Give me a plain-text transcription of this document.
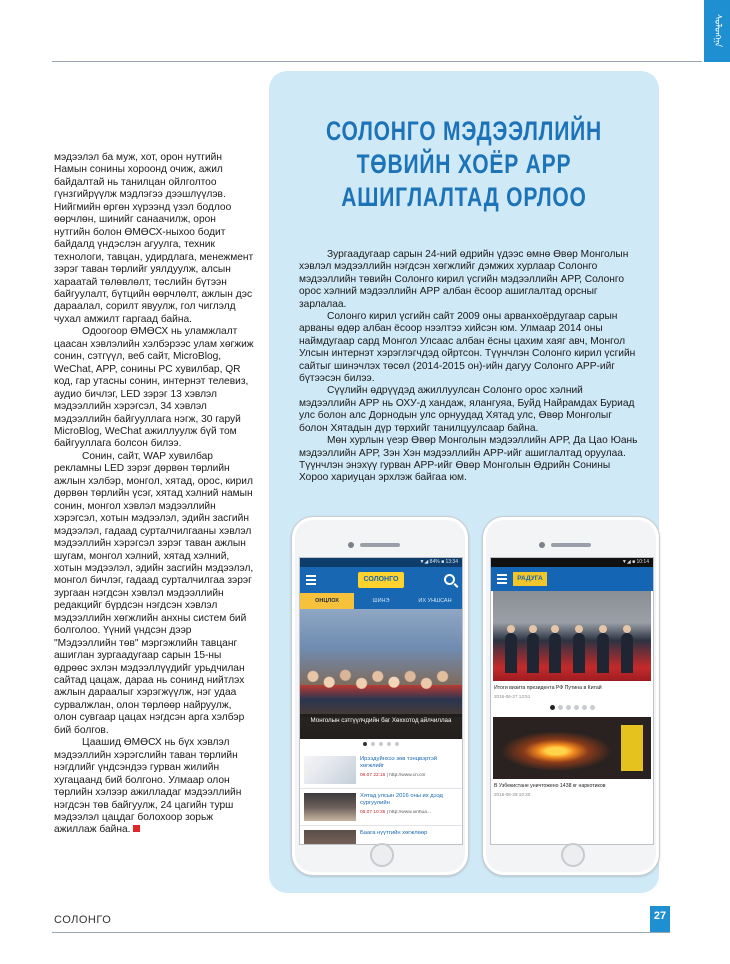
ᠰᠣᠯᠣᠩᠭ᠋ᠠ

мэдээлэл ба муж, хот, орон нутгийн Намын сонины хороонд очиж, ажил байдалтай нь танилцан ойлголтоо гүнзгийрүүлж мэдлэгээ дээшлүүлэв. Нийгмийн өргөн хүрээнд үзэл бодлоо өөрчлөн, шинийг санаачилж, орон нутгийн болон ӨМӨСХ-ныхоо бодит байдалд үндэслэн агуулга, техник технологи, тавцан, удирдлага, менежмент зэрэг таван төрлийг уялдуулж, алсын хараатай төлөвлөлт, төслийн бүтээн байгуулалт, бүтцийн өөрчлөлт, ажлын дэс дараалал, сорилт явуулж, гол чиглэлд чухал амжилт гаргаад байна.

Одоогоор ӨМӨСХ нь уламжлалт цаасан хэвлэлийн хэлбэрээс улам хөгжиж сонин, сэтгүүл, веб сайт, MicroBlog, WeChat, APP, сонины PC хувилбар, QR код, гар утасны сонин, интернэт телевиз, аудио бичлэг, LED зэрэг 13 хэвлэл мэдээллийн хэрэгсэл, 34 хэвлэл мэдээллийн байгууллага нэгж, 30 гаруй MicroBlog, WeChat ажиллуулж бүй том байгууллага болсон билээ.

Сонин, сайт, WAP хувилбар рекламны LED зэрэг дөрвөн төрлийн ажлын хэлбэр, монгол, хятад, орос, кирил дөрвөн төрлийн үсэг, хятад хэлний намын сонин, монгол хэвлэл мэдээллийн хэрэгсэл, хотын мэдээлэл, эдийн засгийн мэдээлэл, гадаад сурталчилгааны хэвлэл мэдээллийн хэрэгсэл зэрэг таван ажлын шугам, монгол хэлний, хятад хэлний, хотын мэдээлэл, эдийн засгийн мэдээлэл, монгол бичлэг, гадаад сурталчилгаа зэрэг зургаан нэгдсэн хэвлэл мэдээллийн редакцийг бүрдсэн нэгдсэн хэвлэл мэдээллийн хөгжлийн анхны систем бий болголоо. Үүний үндсэн дээр "Мэдээллийн төв" мэргэжлийн тавцанг ашиглан зургаадугаар сарын 15-ны өдрөөс эхлэн мэдээллүүдийг урьдчилан сайтад цацаж, дараа нь сонинд нийтлэх ажлын дараалыг хэрэгжүүлж, нэг удаа сурвалжлан, олон төрлөөр найруулж, олон сувгаар цацах нэгдсэн арга хэлбэр бий болгов.

Цаашид ӨМӨСХ нь бүх хэвлэл мэдээллийн хэрэгслийн таван төрлийн нэгдлийг үндсэндээ гурван жилийн хугацаанд бий болгоно. Улмаар олон төрлийн хэлээр ажилладаг мэдээллийн нэгдсэн төв байгуулж, 24 цагийн турш мэдээлэл цацдаг болохоор зорьж ажиллаж байна.

СОЛОНГО МЭДЭЭЛЛИЙН ТӨВИЙН ХОЁР АРР АШИГЛАЛТАД ОРЛОО

Зургаадугаар сарын 24-ний өдрийн үдээс өмнө Өвөр Монголын хэвлэл мэдээллийн нэгдсэн хөгжлийг дэмжих хурлаар Солонго мэдээллийн төвийн Солонго кирил үсгийн мэдээллийн АРР, Солонго орос хэлний мэдээллийн АРР албан ёсоор ашиглалтад орсныг зарлалаа.

Солонго кирил үсгийн сайт 2009 оны арванхоёрдугаар сарын арваны өдөр албан ёсоор нээлтээ хийсэн юм. Улмаар 2014 оны наймдугаар сард Монгол Улсаас албан ёсны цахим хаяг авч, Монгол Улсын интернэт хэрэглэгчдэд ойртсон. Түүнчлэн Солонго кирил үсгийн сайтыг шинэчлэх төсөл (2014-2015 он)-ийн дагуу Солонго АРР-ийг бүтээсэн билээ.

Сүүлийн өдрүүдэд ажиллуулсан Солонго орос хэлний мэдээллийн АРР нь ОХУ-д хандаж, ялангуяа, Буйд Найрамдах Буриад улс болон алс Дорнодын улс орнуудад Хятад улс, Өвөр Монголыг болон Хятадын дүр төрхийг танилцуулсаар байна.

Мөн хурлын үеэр Өвөр Монголын мэдээллийн АРР, Да Цао Юань мэдээллийн АРР, Зэн Хэн мэдээллийн АРР-ийг ашиглалтад оруулаа. Түүнчлэн энэхүү гурван АРР-ийг Өвөр Монголын Өдрийн Сонины Хороо хариуцан эрхлэж байгаа юм.

▼◢ 84% ■ 13:34
СОЛОНГО
ОНЦЛОХ	ШИНЭ	ИХ УНШСАН
Монголын сэтгүүлчдийн баг Хөххотод айлчиллаа
Ирээдүйнхээ зөв тэнцвэртэй хөгжлийг
06.07 22:16 | http://www.cri.cn/
Хятад улсын 2016 оны их дээд сургуулийн
06.07 10:35 | http://www.xinhua...
Баага нүүтгийн хөгжлөөр
▼◢ ■ 10:14
РАДУГА
Итоги визита президента РФ Путина в Китай
2016-06-27 13:51
В Узбекистане уничтожено 1438 кг наркотиков
2016-06-28 10:30
СОЛОНГО	27
